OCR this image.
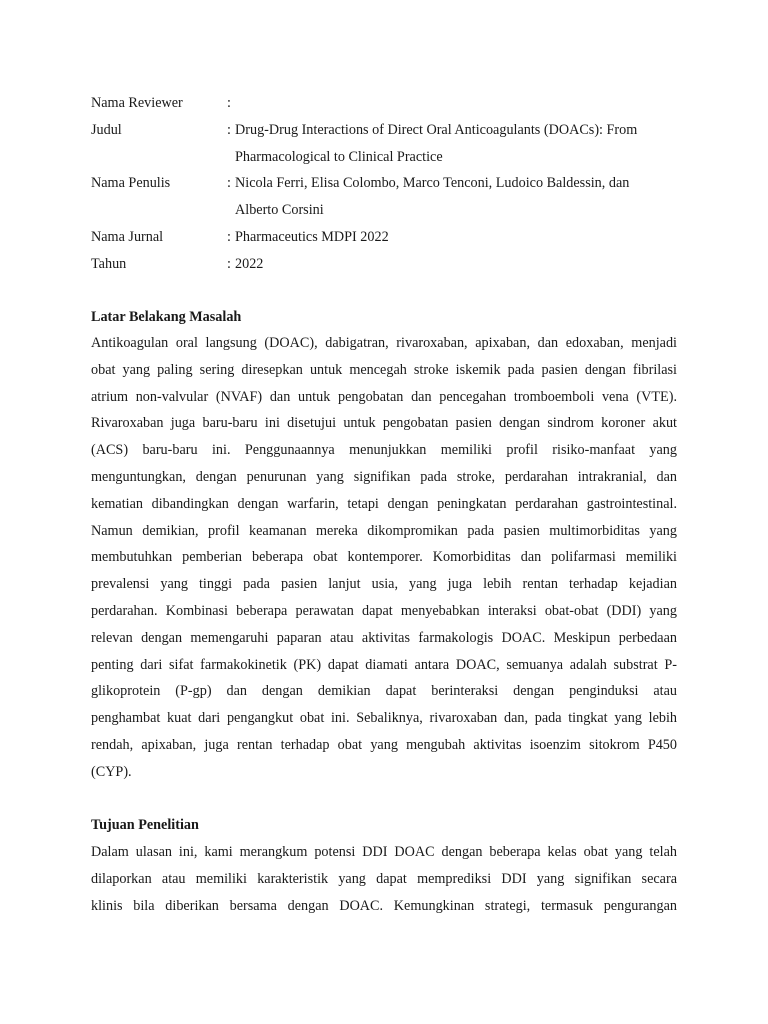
Nama Reviewer	:
Judul	: Drug-Drug Interactions of Direct Oral Anticoagulants (DOACs): From
Pharmacological to Clinical Practice
Nama Penulis	: Nicola Ferri, Elisa Colombo, Marco Tenconi, Ludoico Baldessin, dan
Alberto Corsini
Nama Jurnal	: Pharmaceutics MDPI 2022
Tahun	: 2022
Latar Belakang Masalah
Antikoagulan oral langsung (DOAC), dabigatran, rivaroxaban, apixaban, dan edoxaban, menjadi
obat yang paling sering diresepkan untuk mencegah stroke iskemik pada pasien dengan fibrilasi
atrium non-valvular (NVAF) dan untuk pengobatan dan pencegahan tromboemboli vena (VTE).
Rivaroxaban juga baru-baru ini disetujui untuk pengobatan pasien dengan sindrom koroner akut
(ACS) baru-baru ini. Penggunaannya menunjukkan memiliki profil risiko-manfaat yang
menguntungkan, dengan penurunan yang signifikan pada stroke, perdarahan intrakranial, dan
kematian dibandingkan dengan warfarin, tetapi dengan peningkatan perdarahan gastrointestinal.
Namun demikian, profil keamanan mereka dikompromikan pada pasien multimorbiditas yang
membutuhkan pemberian beberapa obat kontemporer. Komorbiditas dan polifarmasi memiliki
prevalensi yang tinggi pada pasien lanjut usia, yang juga lebih rentan terhadap kejadian
perdarahan. Kombinasi beberapa perawatan dapat menyebabkan interaksi obat-obat (DDI) yang
relevan dengan memengaruhi paparan atau aktivitas farmakologis DOAC. Meskipun perbedaan
penting dari sifat farmakokinetik (PK) dapat diamati antara DOAC, semuanya adalah substrat P-
glikoprotein (P-gp) dan dengan demikian dapat berinteraksi dengan penginduksi atau
penghambat kuat dari pengangkut obat ini. Sebaliknya, rivaroxaban dan, pada tingkat yang lebih
rendah, apixaban, juga rentan terhadap obat yang mengubah aktivitas isoenzim sitokrom P450
(CYP).
Tujuan Penelitian
Dalam ulasan ini, kami merangkum potensi DDI DOAC dengan beberapa kelas obat yang telah
dilaporkan atau memiliki karakteristik yang dapat memprediksi DDI yang signifikan secara
klinis bila diberikan bersama dengan DOAC. Kemungkinan strategi, termasuk pengurangan
